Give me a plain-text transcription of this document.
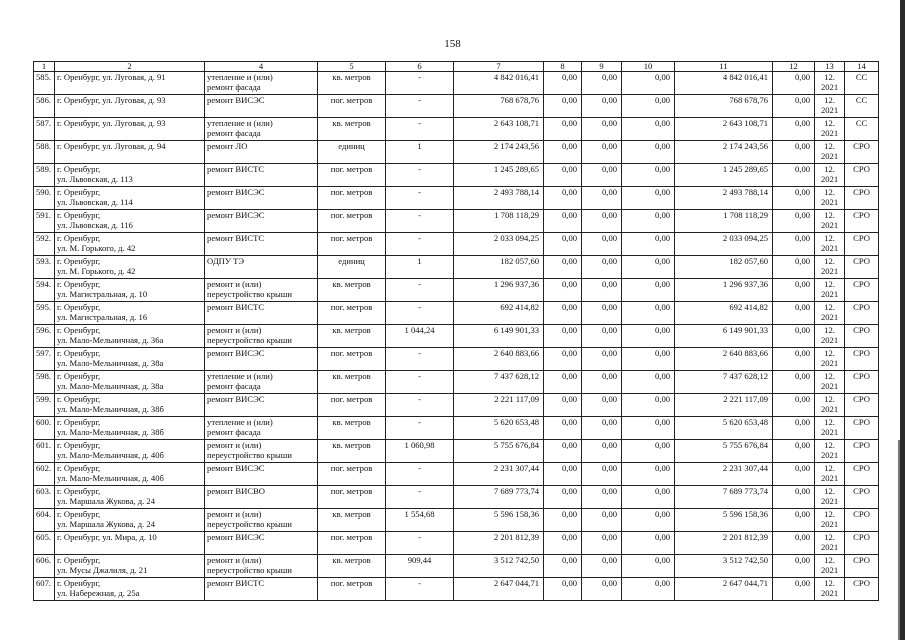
158
1	2	4	5	6	7	8	9	10	11	12	13	14

585.	г. Оренбург, ул. Луговая, д. 91	утепление и (или)
ремонт фасада	кв. метров	-	4 842 016,41	0,00	0,00	0,00	4 842 016,41	0,00	12.
2021	СС

586.	г. Оренбург, ул. Луговая, д. 93	ремонт ВИСЭС	пог. метров	-	768 678,76	0,00	0,00	0,00	768 678,76	0,00	12.
2021	СС

587.	г. Оренбург, ул. Луговая, д. 93	утепление и (или)
ремонт фасада	кв. метров	-	2 643 108,71	0,00	0,00	0,00	2 643 108,71	0,00	12.
2021	СС

588.	г. Оренбург, ул. Луговая, д. 94	ремонт ЛО	единиц	1	2 174 243,56	0,00	0,00	0,00	2 174 243,56	0,00	12.
2021	СРО

589.	г. Оренбург,
ул. Львовская, д. 113	ремонт ВИСТС	пог. метров	-	1 245 289,65	0,00	0,00	0,00	1 245 289,65	0,00	12.
2021	СРО

590.	г. Оренбург,
ул. Львовская, д. 114	ремонт ВИСЭС	пог. метров	-	2 493 788,14	0,00	0,00	0,00	2 493 788,14	0,00	12.
2021	СРО

591.	г. Оренбург,
ул. Львовская, д. 116	ремонт ВИСЭС	пог. метров	-	1 708 118,29	0,00	0,00	0,00	1 708 118,29	0,00	12.
2021	СРО

592.	г. Оренбург,
ул. М. Горького, д. 42	ремонт ВИСТС	пог. метров	-	2 033 094,25	0,00	0,00	0,00	2 033 094,25	0,00	12.
2021	СРО

593.	г. Оренбург,
ул. М. Горького, д. 42	ОДПУ ТЭ	единиц	1	182 057,60	0,00	0,00	0,00	182 057,60	0,00	12.
2021	СРО

594.	г. Оренбург,
ул. Магистральная, д. 10	ремонт и (или)
переустройство крыши	кв. метров	-	1 296 937,36	0,00	0,00	0,00	1 296 937,36	0,00	12.
2021	СРО

595.	г. Оренбург,
ул. Магистральная, д. 16	ремонт ВИСТС	пог. метров	-	692 414,82	0,00	0,00	0,00	692 414,82	0,00	12.
2021	СРО

596.	г. Оренбург,
ул. Мало-Мельничная, д. 36а	ремонт и (или)
переустройство крыши	кв. метров	1 044,24	6 149 901,33	0,00	0,00	0,00	6 149 901,33	0,00	12.
2021	СРО

597.	г. Оренбург,
ул. Мало-Мельничная, д. 38а	ремонт ВИСЭС	пог. метров	-	2 640 883,66	0,00	0,00	0,00	2 640 883,66	0,00	12.
2021	СРО

598.	г. Оренбург,
ул. Мало-Мельничная, д. 38а	утепление и (или)
ремонт фасада	кв. метров	-	7 437 628,12	0,00	0,00	0,00	7 437 628,12	0,00	12.
2021	СРО

599.	г. Оренбург,
ул. Мало-Мельничная, д. 38б	ремонт ВИСЭС	пог. метров	-	2 221 117,09	0,00	0,00	0,00	2 221 117,09	0,00	12.
2021	СРО

600.	г. Оренбург,
ул. Мало-Мельничная, д. 38б	утепление и (или)
ремонт фасада	кв. метров	-	5 620 653,48	0,00	0,00	0,00	5 620 653,48	0,00	12.
2021	СРО

601.	г. Оренбург,
ул. Мало-Мельничная, д. 40б	ремонт и (или)
переустройство крыши	кв. метров	1 060,98	5 755 676,84	0,00	0,00	0,00	5 755 676,84	0,00	12.
2021	СРО

602.	г. Оренбург,
ул. Мало-Мельничная, д. 40б	ремонт ВИСЭС	пог. метров	-	2 231 307,44	0,00	0,00	0,00	2 231 307,44	0,00	12.
2021	СРО

603.	г. Оренбург,
ул. Маршала Жукова, д. 24	ремонт ВИСВО	пог. метров	-	7 689 773,74	0,00	0,00	0,00	7 689 773,74	0,00	12.
2021	СРО

604.	г. Оренбург,
ул. Маршала Жукова, д. 24	ремонт и (или)
переустройство крыши	кв. метров	1 554,68	5 596 158,36	0,00	0,00	0,00	5 596 158,36	0,00	12.
2021	СРО

605.	г. Оренбург, ул. Мира, д. 10	ремонт ВИСЭС	пог. метров	-	2 201 812,39	0,00	0,00	0,00	2 201 812,39	0,00	12.
2021	СРО

606.	г. Оренбург,
ул. Мусы Джалиля, д. 21	ремонт и (или)
переустройство крыши	кв. метров	909,44	3 512 742,50	0,00	0,00	0,00	3 512 742,50	0,00	12.
2021	СРО

607.	г. Оренбург,
ул. Набережная, д. 25а	ремонт ВИСТС	пог. метров	-	2 647 044,71	0,00	0,00	0,00	2 647 044,71	0,00	12.
2021	СРО
